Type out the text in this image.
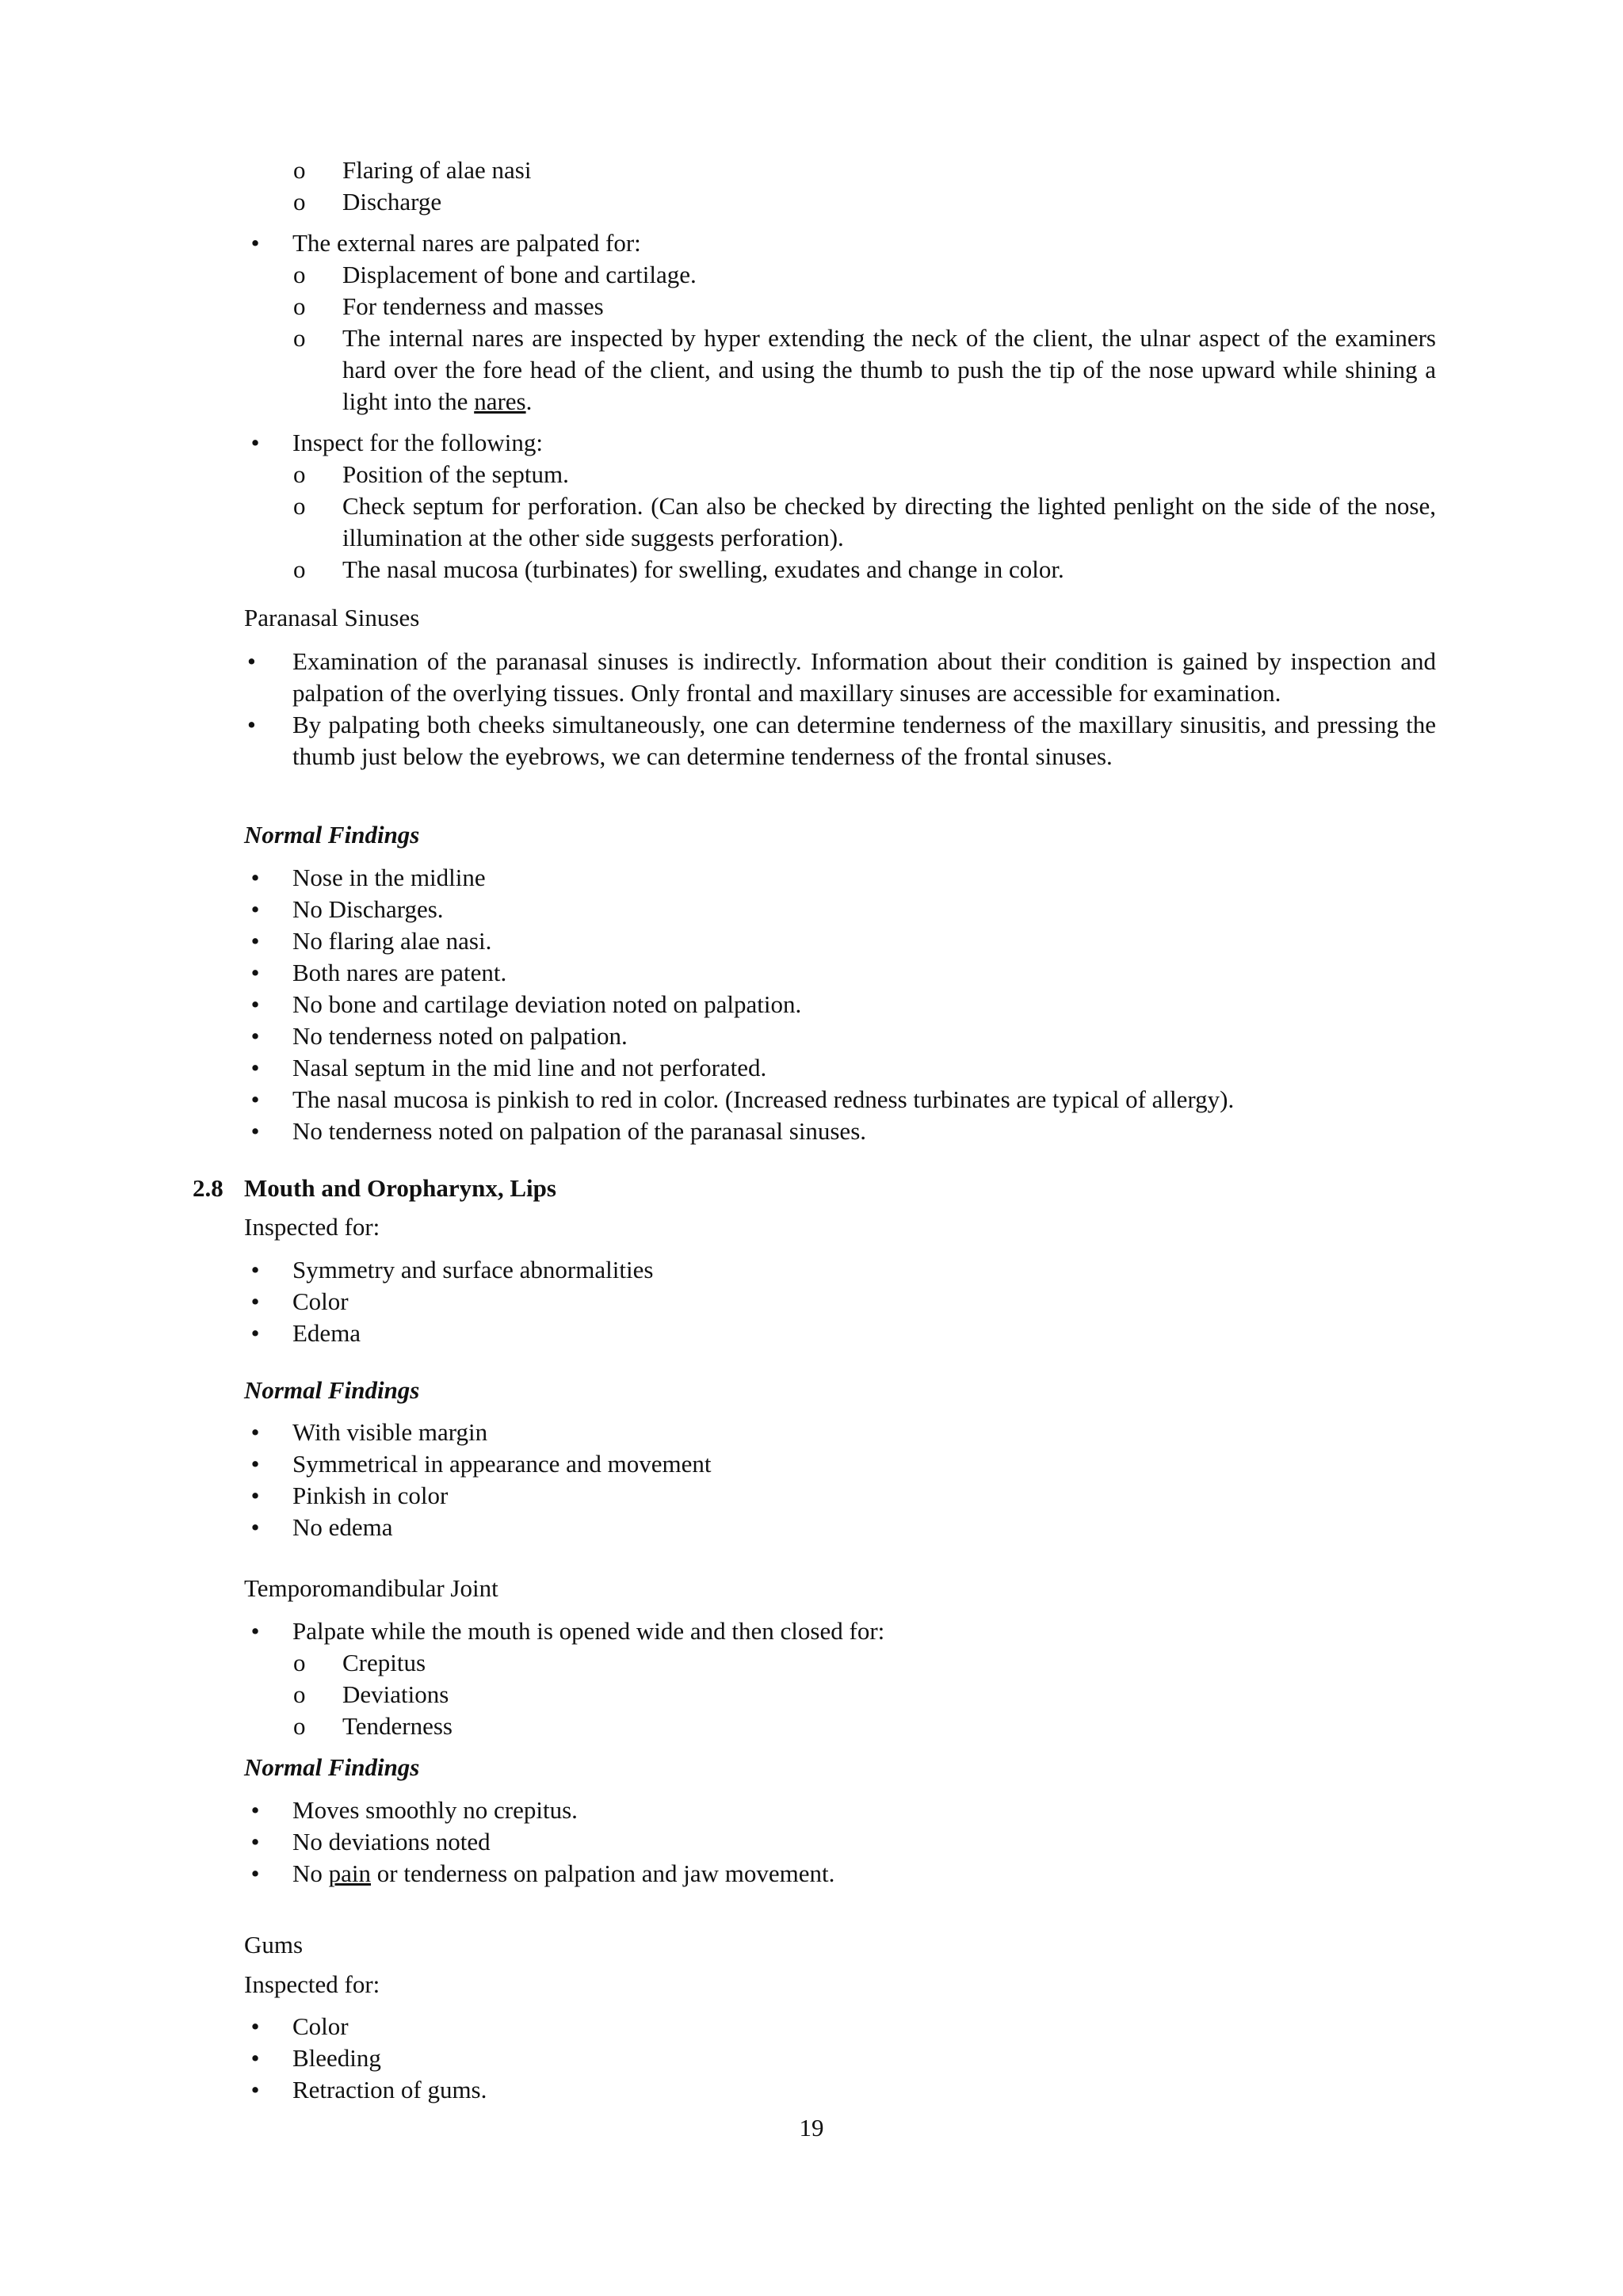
o Flaring of alae nasi
o Discharge
• The external nares are palpated for:
o Displacement of bone and cartilage.
o For tenderness and masses
o The internal nares are inspected by hyper extending the neck of the client, the ulnar aspect of the examiners hard over the fore head of the client, and using the thumb to push the tip of the nose upward while shining a light into the nares.
• Inspect for the following:
o Position of the septum.
o Check septum for perforation. (Can also be checked by directing the lighted penlight on the side of the nose, illumination at the other side suggests perforation).
o The nasal mucosa (turbinates) for swelling, exudates and change in color.
Paranasal Sinuses
• Examination of the paranasal sinuses is indirectly. Information about their condition is gained by inspection and palpation of the overlying tissues. Only frontal and maxillary sinuses are accessible for examination.
• By palpating both cheeks simultaneously, one can determine tenderness of the maxillary sinusitis, and pressing the thumb just below the eyebrows, we can determine tenderness of the frontal sinuses.
Normal Findings
• Nose in the midline
• No Discharges.
• No flaring alae nasi.
• Both nares are patent.
• No bone and cartilage deviation noted on palpation.
• No tenderness noted on palpation.
• Nasal septum in the mid line and not perforated.
• The nasal mucosa is pinkish to red in color. (Increased redness turbinates are typical of allergy).
• No tenderness noted on palpation of the paranasal sinuses.
2.8 Mouth and Oropharynx, Lips
Inspected for:
• Symmetry and surface abnormalities
• Color
• Edema
Normal Findings
• With visible margin
• Symmetrical in appearance and movement
• Pinkish in color
• No edema
Temporomandibular Joint
• Palpate while the mouth is opened wide and then closed for:
o Crepitus
o Deviations
o Tenderness
Normal Findings
• Moves smoothly no crepitus.
• No deviations noted
• No pain or tenderness on palpation and jaw movement.
Gums
Inspected for:
• Color
• Bleeding
• Retraction of gums.
19
